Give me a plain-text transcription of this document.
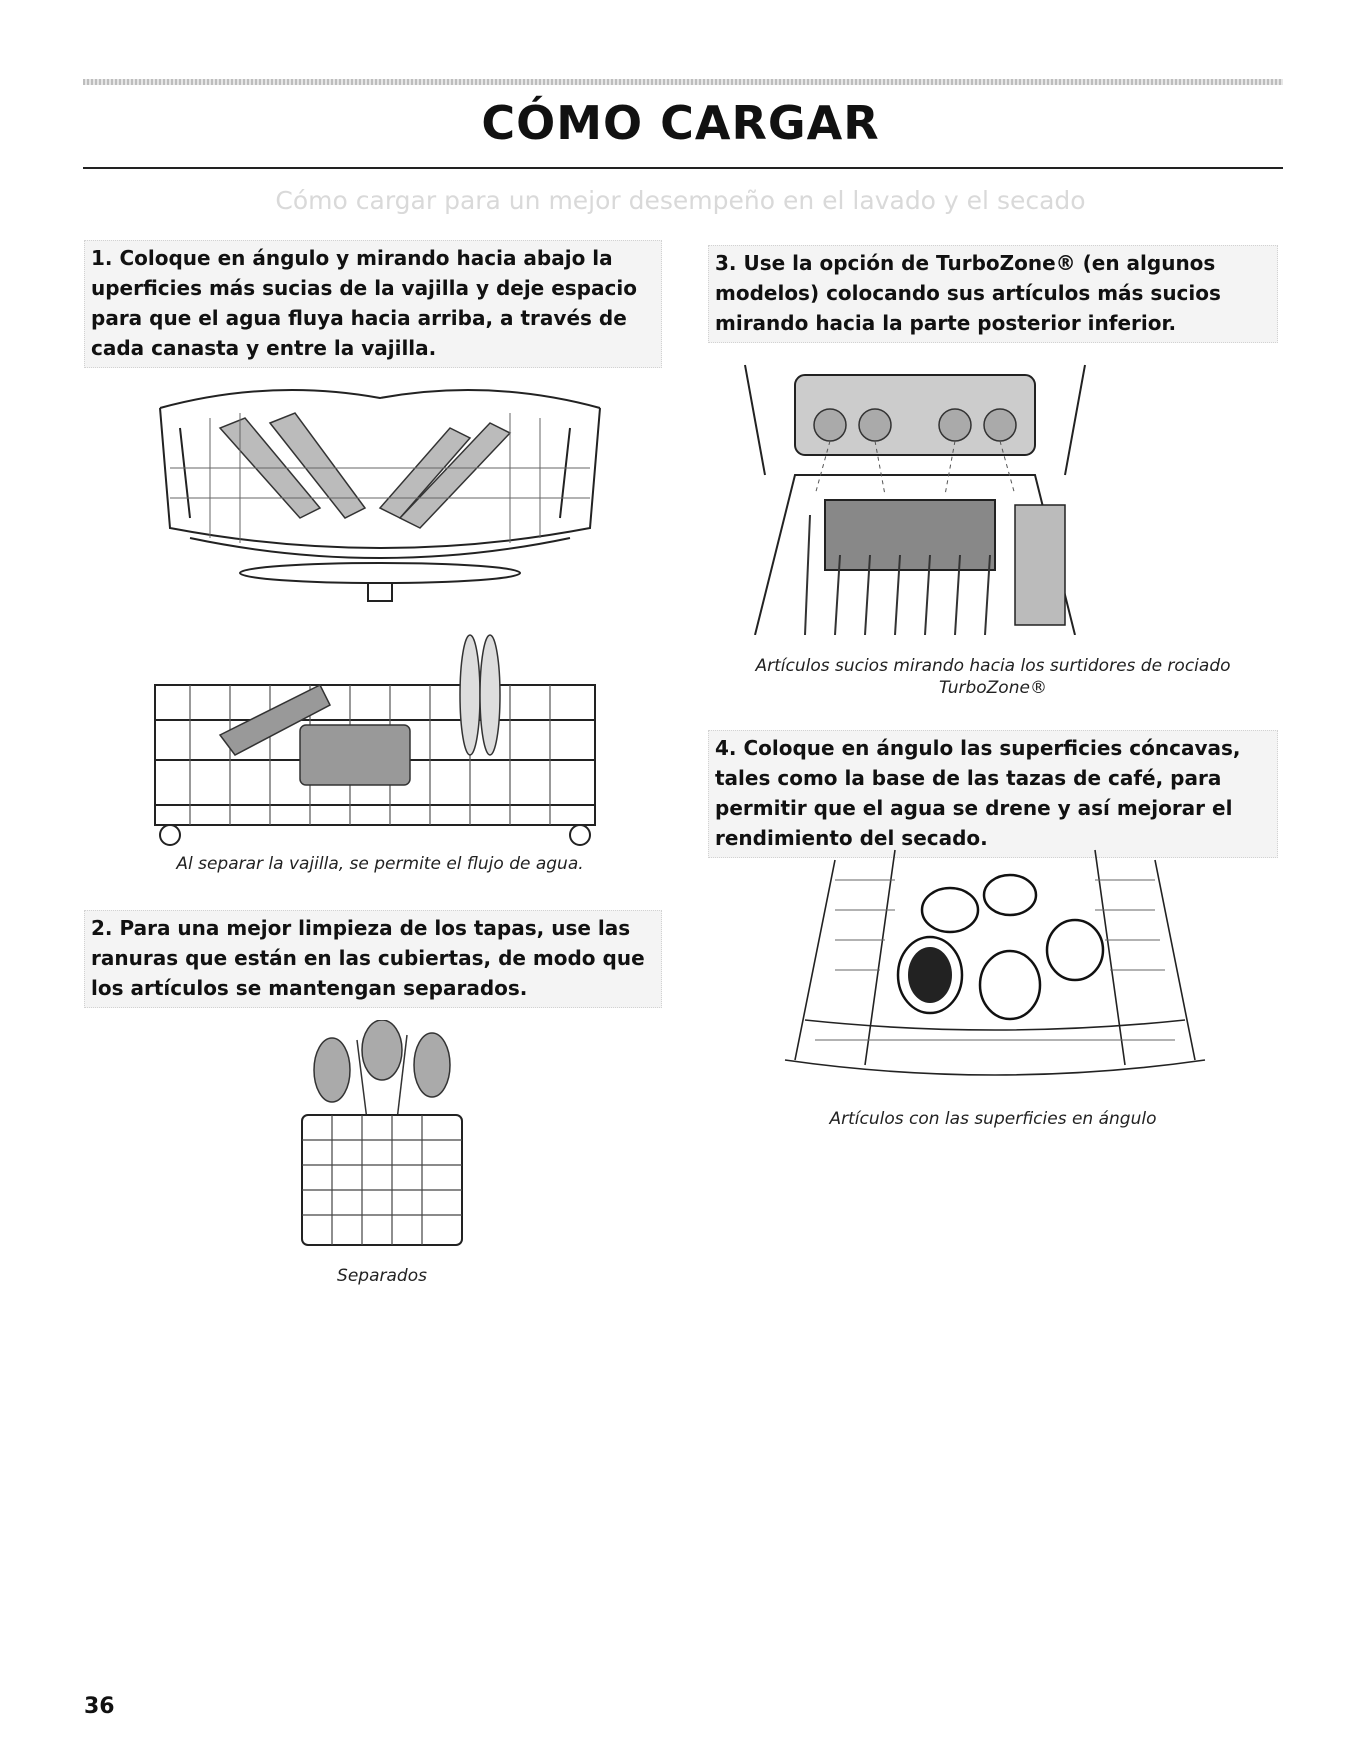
CÓMO CARGAR

Cómo cargar para un mejor desempeño en el lavado y el secado

1. Coloque en ángulo y mirando hacia abajo la uperficies más sucias de la vajilla y deje espacio para que el agua fluya hacia arriba, a través de cada canasta y entre la vajilla.
Al separar la vajilla, se permite el flujo de agua.
2. Para una mejor limpieza de los tapas, use las ranuras que están en las cubiertas, de modo que los artículos se mantengan separados.
Separados
3. Use la opción de TurboZone® (en algunos modelos) colocando sus artículos más sucios mirando hacia la parte posterior inferior.
Artículos sucios mirando hacia los surtidores de rociado
TurboZone®
4. Coloque en ángulo las superficies cóncavas, tales como la base de las tazas de café, para permitir que el agua se drene y así mejorar el rendimiento del secado.
Artículos con las superficies en ángulo
36
